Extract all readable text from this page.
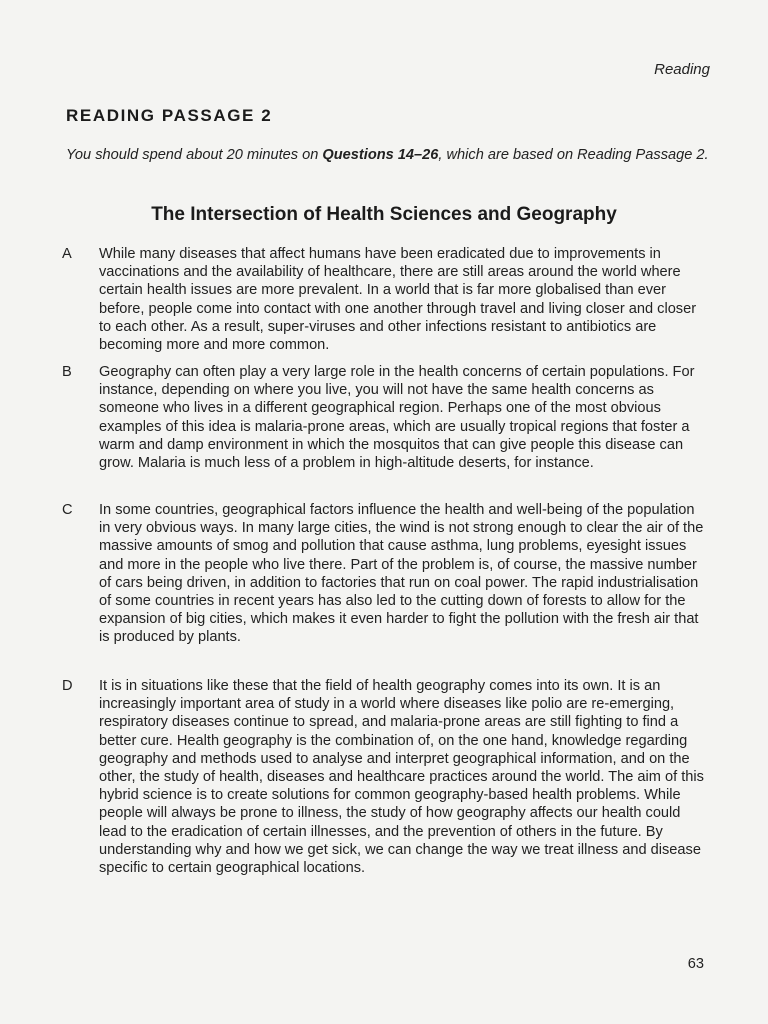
Reading
READING PASSAGE 2
You should spend about 20 minutes on Questions 14–26, which are based on Reading Passage 2.
The Intersection of Health Sciences and Geography
A While many diseases that affect humans have been eradicated due to improvements in vaccinations and the availability of healthcare, there are still areas around the world where certain health issues are more prevalent. In a world that is far more globalised than ever before, people come into contact with one another through travel and living closer and closer to each other. As a result, super-viruses and other infections resistant to antibiotics are becoming more and more common.
B Geography can often play a very large role in the health concerns of certain populations. For instance, depending on where you live, you will not have the same health concerns as someone who lives in a different geographical region. Perhaps one of the most obvious examples of this idea is malaria-prone areas, which are usually tropical regions that foster a warm and damp environment in which the mosquitos that can give people this disease can grow. Malaria is much less of a problem in high-altitude deserts, for instance.
C In some countries, geographical factors influence the health and well-being of the population in very obvious ways. In many large cities, the wind is not strong enough to clear the air of the massive amounts of smog and pollution that cause asthma, lung problems, eyesight issues and more in the people who live there. Part of the problem is, of course, the massive number of cars being driven, in addition to factories that run on coal power. The rapid industrialisation of some countries in recent years has also led to the cutting down of forests to allow for the expansion of big cities, which makes it even harder to fight the pollution with the fresh air that is produced by plants.
D It is in situations like these that the field of health geography comes into its own. It is an increasingly important area of study in a world where diseases like polio are re-emerging, respiratory diseases continue to spread, and malaria-prone areas are still fighting to find a better cure. Health geography is the combination of, on the one hand, knowledge regarding geography and methods used to analyse and interpret geographical information, and on the other, the study of health, diseases and healthcare practices around the world. The aim of this hybrid science is to create solutions for common geography-based health problems. While people will always be prone to illness, the study of how geography affects our health could lead to the eradication of certain illnesses, and the prevention of others in the future. By understanding why and how we get sick, we can change the way we treat illness and disease specific to certain geographical locations.
63
